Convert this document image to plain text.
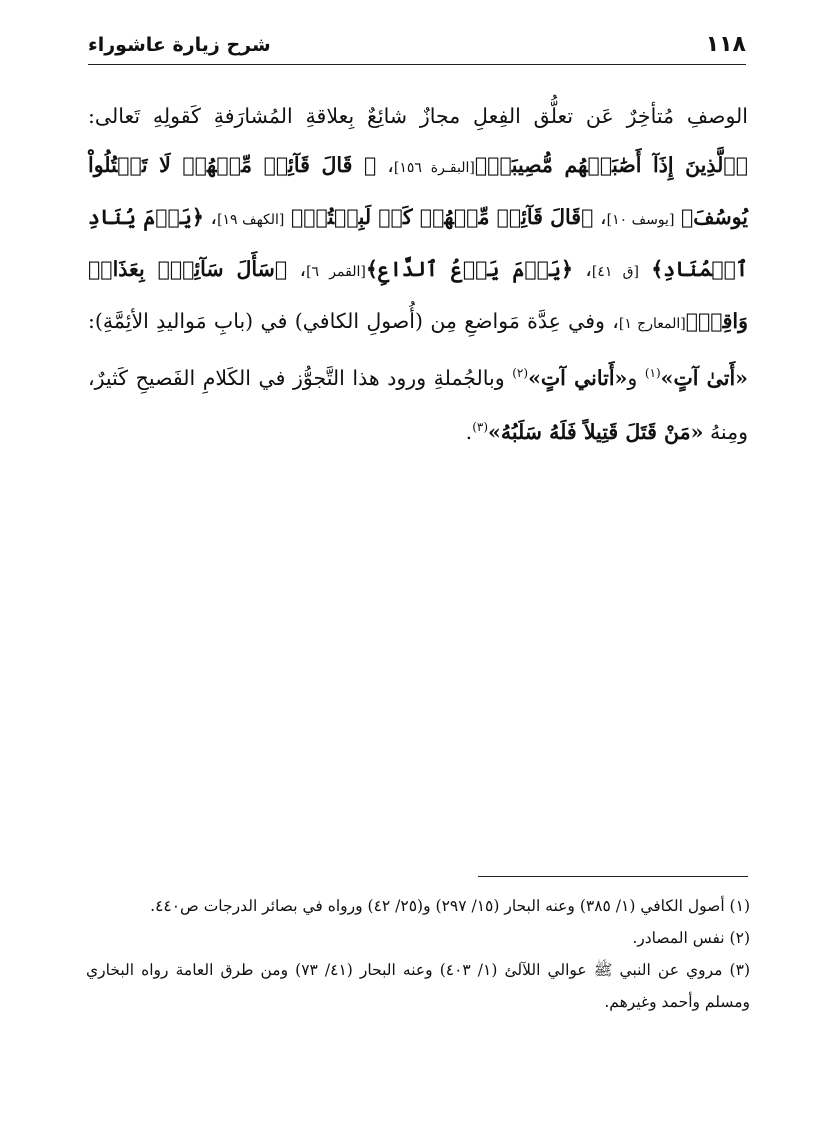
١١٨
شرح زيارة عاشوراء

الوصفِ مُتأخِرٌ عَن تعلُّق الفِعلِ مجازٌ شائِعٌ بِعلاقةِ المُشارَفةِ كَقولِهِ تَعالى: ﴿ٱلَّذِينَ إِذَآ أَصَٰبَتۡهُم مُّصِيبَةٞ﴾[البقـرة ١٥٦]، ﴿ قَالَ قَآئِلٞ مِّنۡهُمۡ لَا تَقۡتُلُواْ يُوسُفَ﴾ [يوسف ١٠]، ﴿قَالَ قَآئِلٞ مِّنۡهُمۡ كَمۡ لَبِثۡتُمۡ﴾ [الكهف ١٩]، ﴿يَوۡمَ يُنَادِ ٱلۡمُنَادِ﴾ [ق ٤١]، ﴿يَوۡمَ يَدۡعُ ٱلدَّاعِ﴾[القمر ٦]، ﴿سَأَلَ سَآئِلُۢ بِعَذَابٖ وَاقِعٖ﴾[المعارج ١]، وفي عِدَّة مَواضعِ مِن (أُصولِ الكافي) في (بابِ مَواليدِ الأئِمَّةِ): «أَتىٰ آتٍ»$^{(١)}$ و«أَتاني آتٍ»$^{(٢)}$ وبالجُملةِ ورود هذا التَّجوُّز في الكَلامِ الفَصيحِ كَثيرٌ، ومِنهُ «مَنْ قَتَلَ قَتِيلاً فَلَهُ سَلَبُهُ»$^{(٣)}$.

(١) أصول الكافي (١/ ٣٨٥) وعنه البحار (١٥/ ٢٩٧) و(٢٥/ ٤٢) ورواه في بصائر الدرجات ص٤٤٠.

(٢) نفس المصادر.

(٣) مروي عن النبي ﷺ عوالي اللآلئ (١/ ٤٠٣) وعنه البحار (٤١/ ٧٣) ومن طرق العامة رواه البخاري ومسلم وأحمد وغيرهم.
